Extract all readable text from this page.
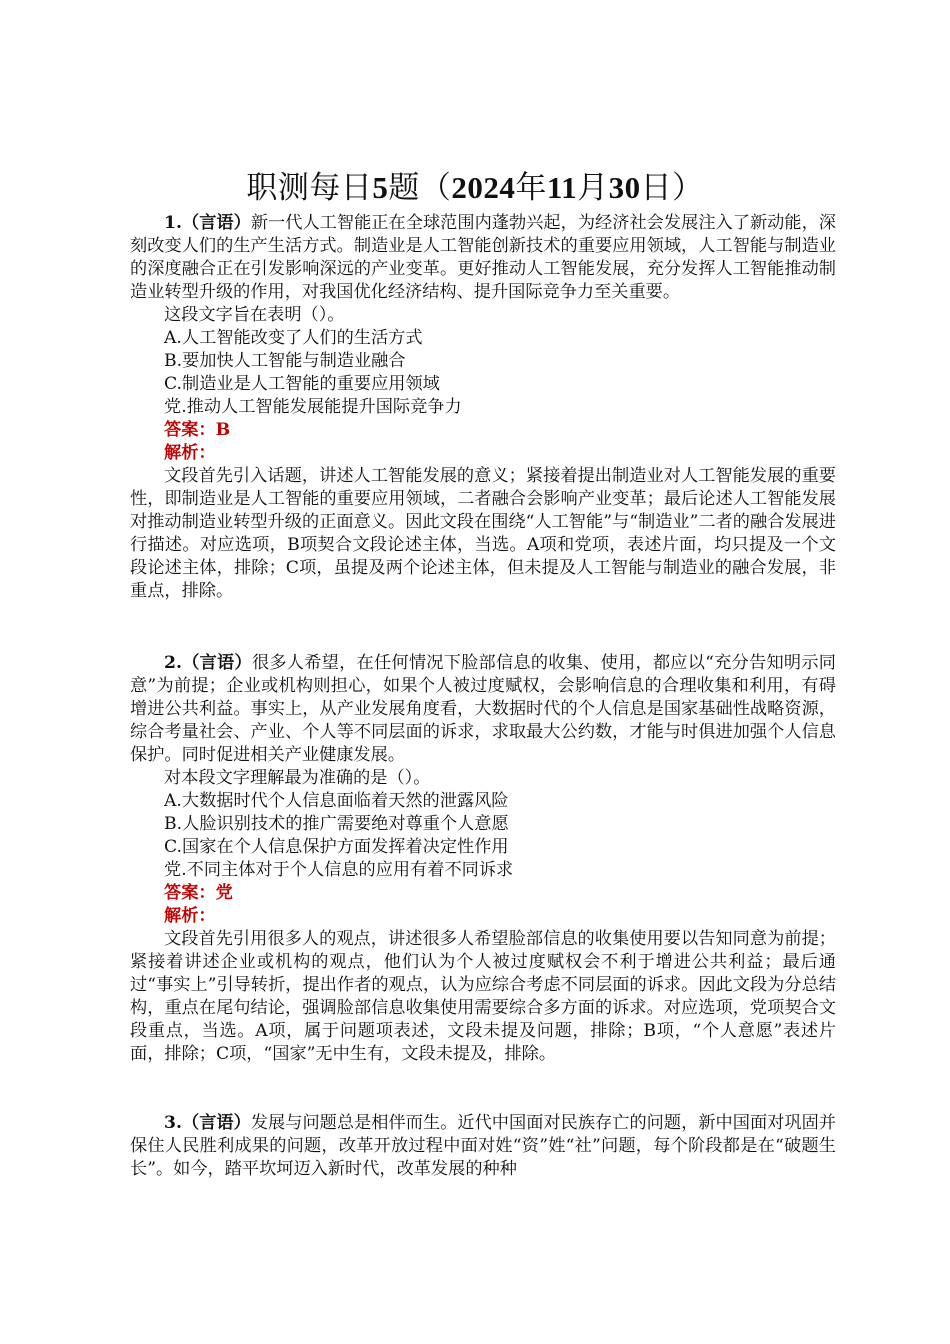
职测每日5题（2024年11月30日）

1.（言语）新一代人工智能正在全球范围内蓬勃兴起，为经济社会发展注入了新动能，深刻改变人们的生产生活方式。制造业是人工智能创新技术的重要应用领域，人工智能与制造业的深度融合正在引发影响深远的产业变革。更好推动人工智能发展，充分发挥人工智能推动制造业转型升级的作用，对我国优化经济结构、提升国际竞争力至关重要。

这段文字旨在表明（）。

A.人工智能改变了人们的生活方式

B.要加快人工智能与制造业融合

C.制造业是人工智能的重要应用领域

党.推动人工智能发展能提升国际竞争力

答案：B

解析：

文段首先引入话题，讲述人工智能发展的意义；紧接着提出制造业对人工智能发展的重要性，即制造业是人工智能的重要应用领域，二者融合会影响产业变革；最后论述人工智能发展对推动制造业转型升级的正面意义。因此文段在围绕“人工智能”与“制造业”二者的融合发展进行描述。对应选项，B项契合文段论述主体，当选。A项和党项，表述片面，均只提及一个文段论述主体，排除；C项，虽提及两个论述主体，但未提及人工智能与制造业的融合发展，非重点，排除。

2.（言语）很多人希望，在任何情况下脸部信息的收集、使用，都应以“充分告知明示同意”为前提；企业或机构则担心，如果个人被过度赋权，会影响信息的合理收集和利用，有碍增进公共利益。事实上，从产业发展角度看，大数据时代的个人信息是国家基础性战略资源，综合考量社会、产业、个人等不同层面的诉求，求取最大公约数，才能与时俱进加强个人信息保护。同时促进相关产业健康发展。

对本段文字理解最为准确的是（）。

A.大数据时代个人信息面临着天然的泄露风险

B.人脸识别技术的推广需要绝对尊重个人意愿

C.国家在个人信息保护方面发挥着决定性作用

党.不同主体对于个人信息的应用有着不同诉求

答案：党

解析：

文段首先引用很多人的观点，讲述很多人希望脸部信息的收集使用要以告知同意为前提；紧接着讲述企业或机构的观点，他们认为个人被过度赋权会不利于增进公共利益；最后通过“事实上”引导转折，提出作者的观点，认为应综合考虑不同层面的诉求。因此文段为分总结构，重点在尾句结论，强调脸部信息收集使用需要综合多方面的诉求。对应选项，党项契合文段重点，当选。A项，属于问题项表述，文段未提及问题，排除；B项，“个人意愿”表述片面，排除；C项，“国家”无中生有，文段未提及，排除。

3.（言语）发展与问题总是相伴而生。近代中国面对民族存亡的问题，新中国面对巩固并保住人民胜利成果的问题，改革开放过程中面对姓“资”姓“社”问题，每个阶段都是在“破题生长”。如今，踏平坎坷迈入新时代，改革发展的种种
